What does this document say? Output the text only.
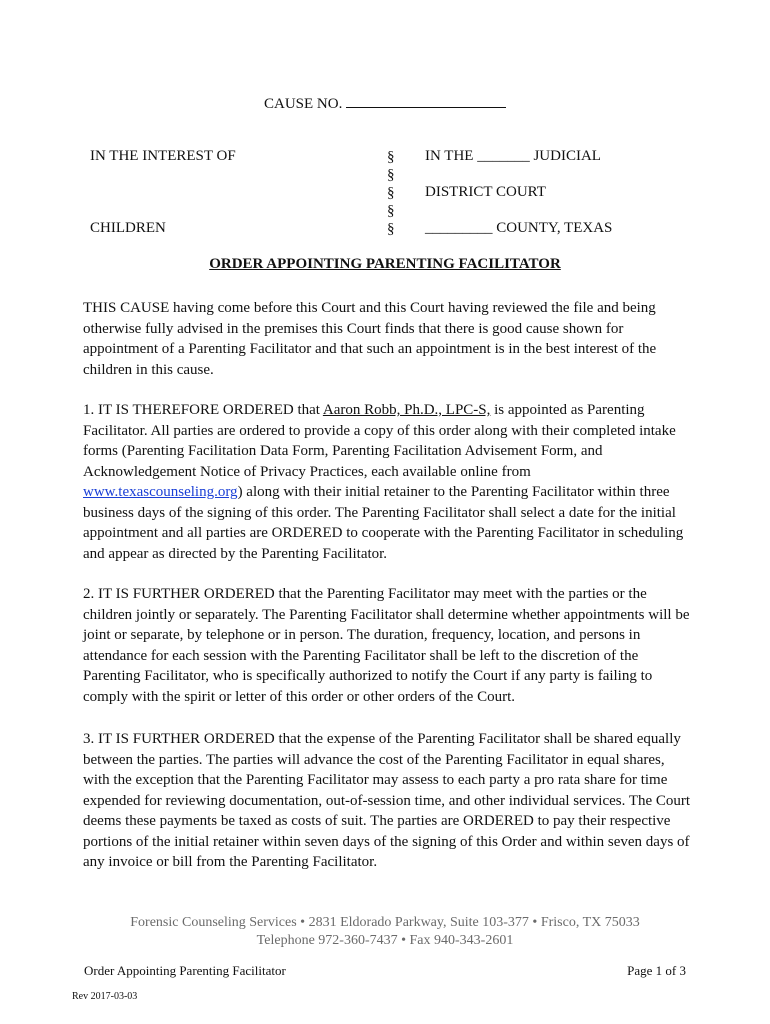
CAUSE NO.
IN THE INTEREST OF
CHILDREN
§
§
§
§
§
IN THE _______ JUDICIAL
DISTRICT COURT
_________ COUNTY, TEXAS
ORDER APPOINTING PARENTING FACILITATOR
THIS CAUSE having come before this Court and this Court having reviewed the file and being otherwise fully advised in the premises this Court finds that there is good cause shown for appointment of a Parenting Facilitator and that such an appointment is in the best interest of the children in this cause.
1. IT IS THEREFORE ORDERED that Aaron Robb, Ph.D., LPC-S, is appointed as Parenting Facilitator. All parties are ordered to provide a copy of this order along with their completed intake forms (Parenting Facilitation Data Form, Parenting Facilitation Advisement Form, and Acknowledgement Notice of Privacy Practices, each available online from www.texascounseling.org) along with their initial retainer to the Parenting Facilitator within three business days of the signing of this order. The Parenting Facilitator shall select a date for the initial appointment and all parties are ORDERED to cooperate with the Parenting Facilitator in scheduling and appear as directed by the Parenting Facilitator.
2. IT IS FURTHER ORDERED that the Parenting Facilitator may meet with the parties or the children jointly or separately. The Parenting Facilitator shall determine whether appointments will be joint or separate, by telephone or in person. The duration, frequency, location, and persons in attendance for each session with the Parenting Facilitator shall be left to the discretion of the Parenting Facilitator, who is specifically authorized to notify the Court if any party is failing to comply with the spirit or letter of this order or other orders of the Court.
3. IT IS FURTHER ORDERED that the expense of the Parenting Facilitator shall be shared equally between the parties. The parties will advance the cost of the Parenting Facilitator in equal shares, with the exception that the Parenting Facilitator may assess to each party a pro rata share for time expended for reviewing documentation, out-of-session time, and other individual services. The Court deems these payments be taxed as costs of suit. The parties are ORDERED to pay their respective portions of the initial retainer within seven days of the signing of this Order and within seven days of any invoice or bill from the Parenting Facilitator.
Forensic Counseling Services • 2831 Eldorado Parkway, Suite 103-377 • Frisco, TX 75033
Telephone 972-360-7437 • Fax 940-343-2601
Order Appointing Parenting Facilitator	Page 1 of 3
Rev 2017-03-03
